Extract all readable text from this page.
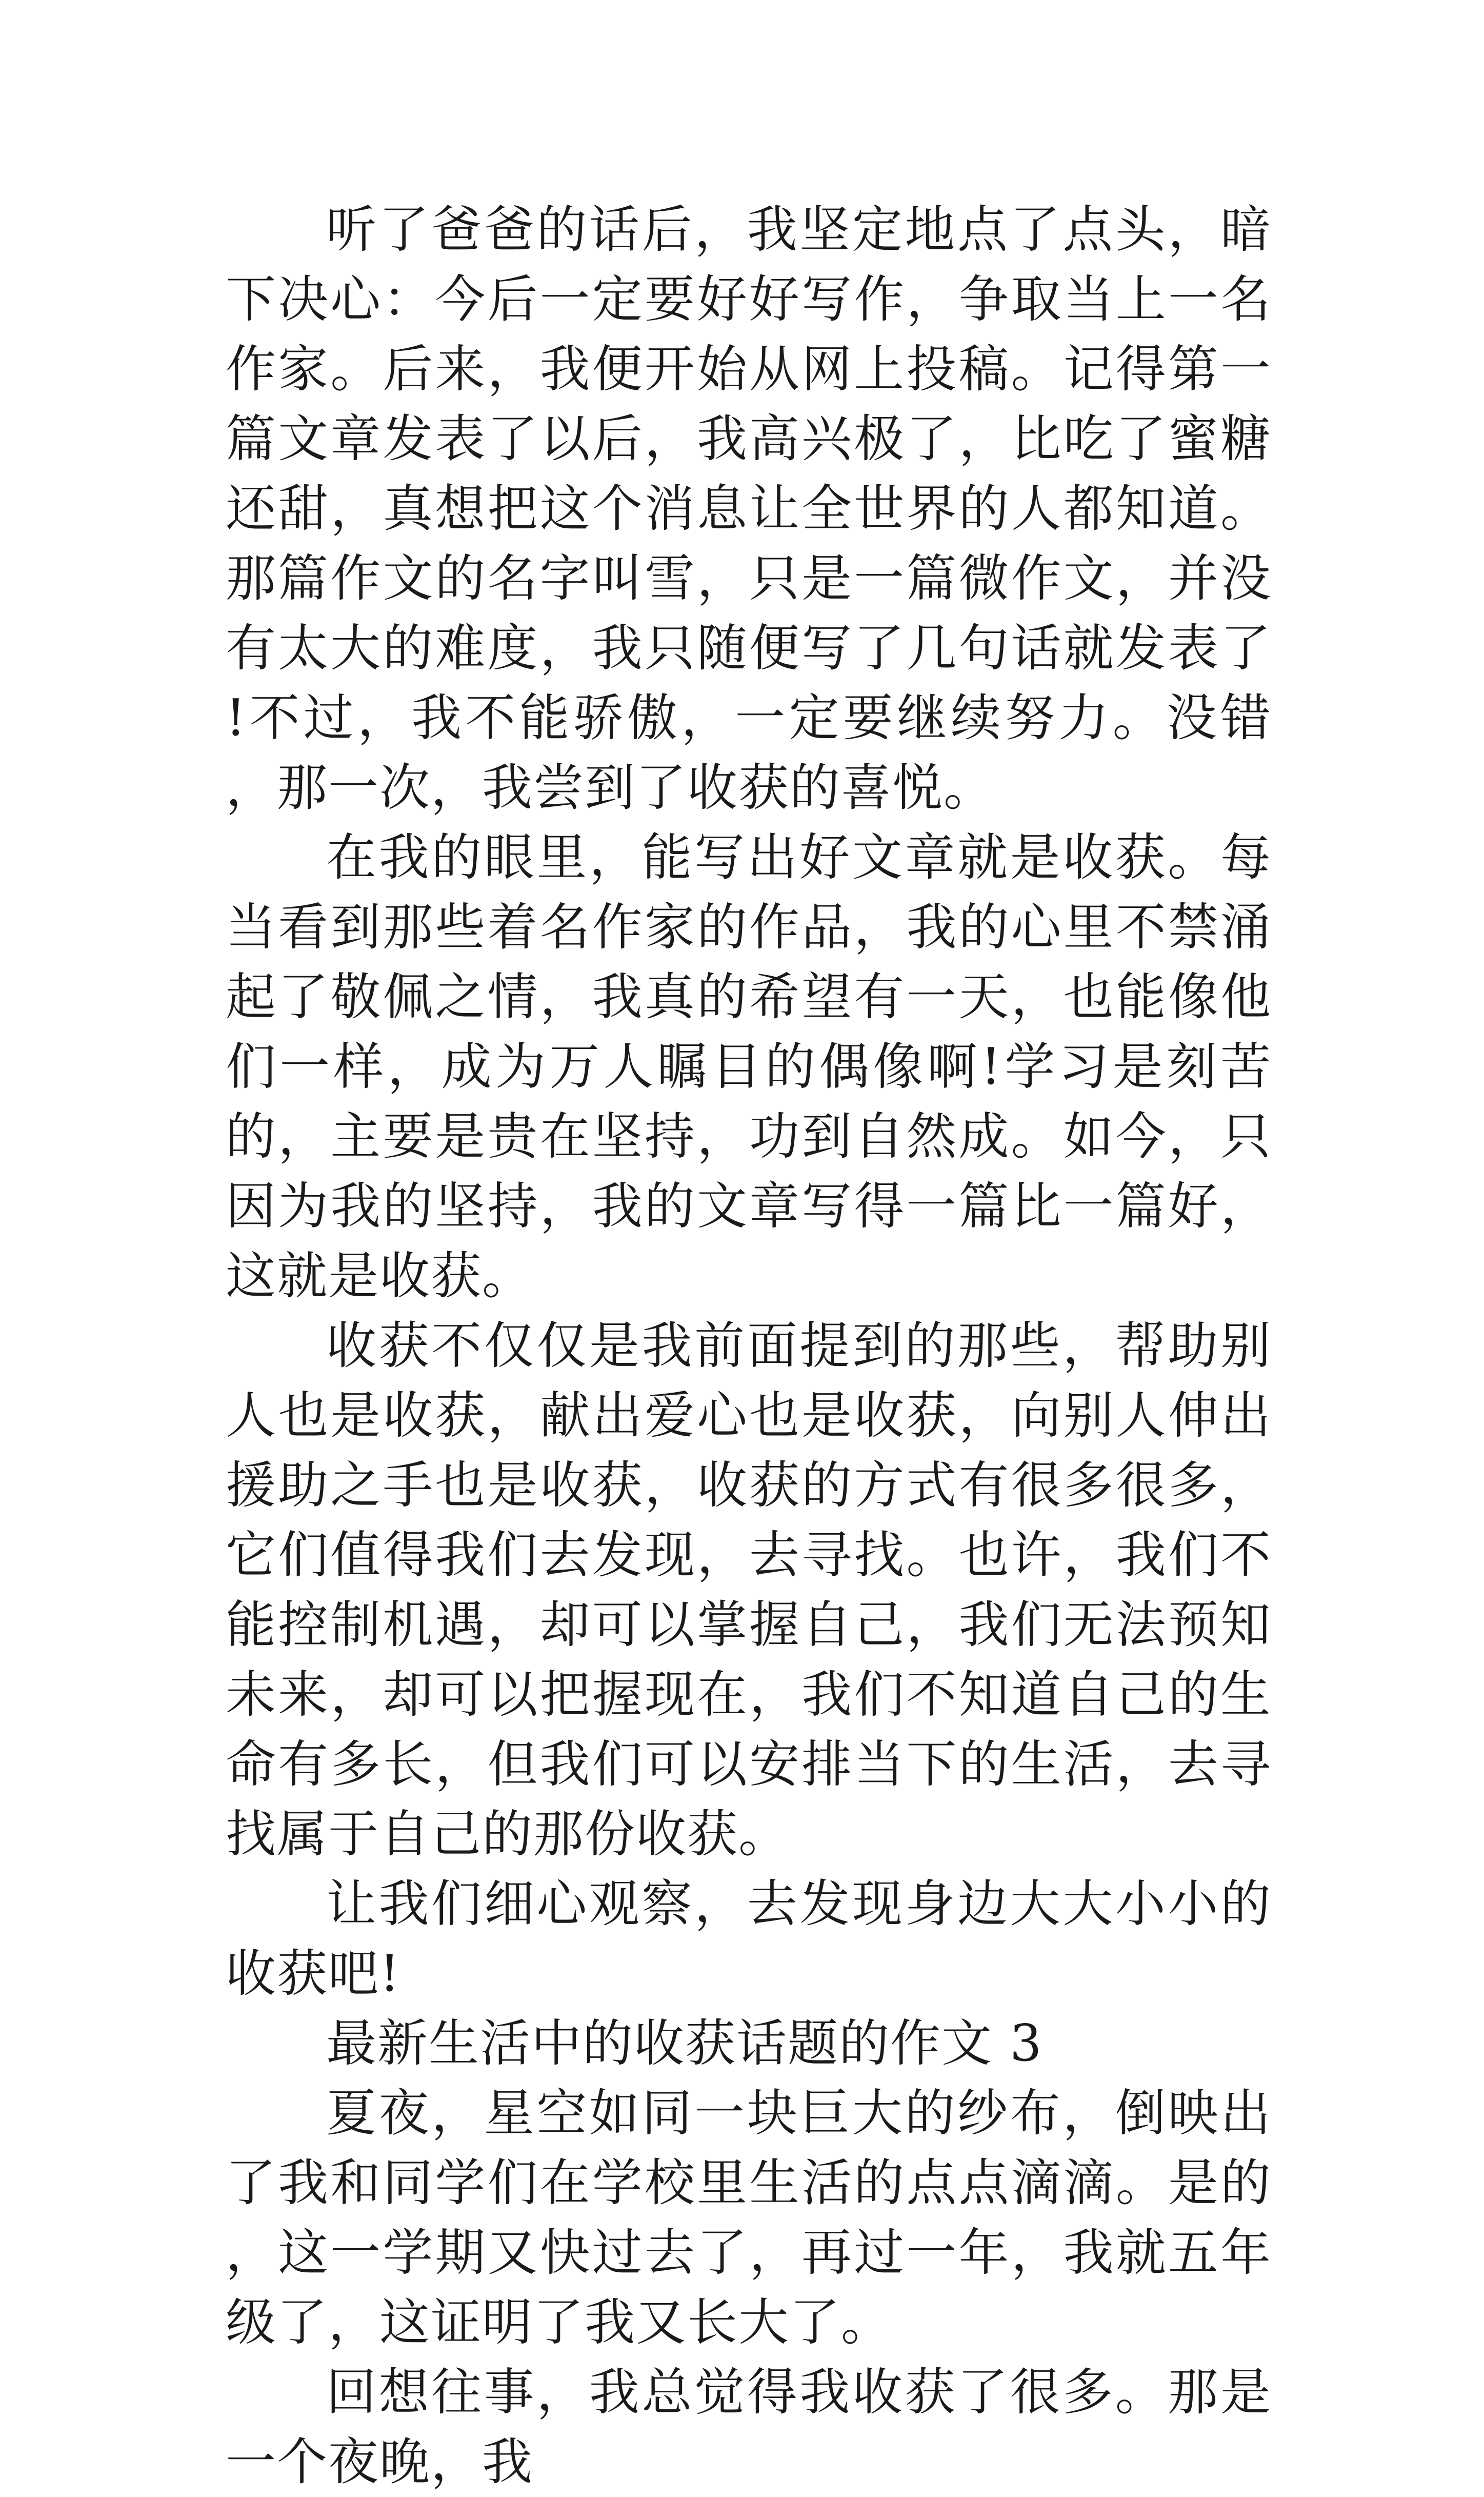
听了爸爸的话后，我坚定地点了点头，暗下决心：今后一定要好好写作，争取当上一名作家。后来，我便开始从网上投稿。记得第一篇文章发表了以后，我高兴极了，比吃了蜜糖还甜，真想把这个消息让全世界的人都知道。那篇作文的名字叫雪，只是一篇微作文，并没有太大的难度，我只随便写了几句话就发表了!不过，我不能骄傲，一定要继续努力。没错，那一次，我尝到了收获的喜悦。

在我的眼里，能写出好文章就是收获。每当看到那些着名作家的作品，我的心里不禁涌起了敬佩之情，我真的希望有一天，也能像他们一样，成为万人瞩目的偶像啊!学习是刻苦的，主要是贵在坚持，功到自然成。如今，只因为我的坚持，我的文章写得一篇比一篇好，这就是收获。

收获不仅仅是我前面提到的那些，帮助别人也是收获，献出爱心也是收获，向别人伸出援助之手也是收获，收获的方式有很多很多，它们值得我们去发现，去寻找。也许，我们不能控制机遇，却可以掌握自己，我们无法预知未来，却可以把握现在，我们不知道自己的生命有多长，但我们可以安排当下的生活，去寻找属于自己的那份收获。

让我们细心观察，去发现身边大大小小的收获吧!

最新生活中的收获话题的作文 3

夏夜，星空如同一块巨大的纱布，倒映出了我和同学们在学校里生活的点点滴滴。是的，这一学期又快过去了，再过一年，我就五年级了，这证明了我又长大了。

回想往事，我总觉得我收获了很多。那是一个夜晚，我
